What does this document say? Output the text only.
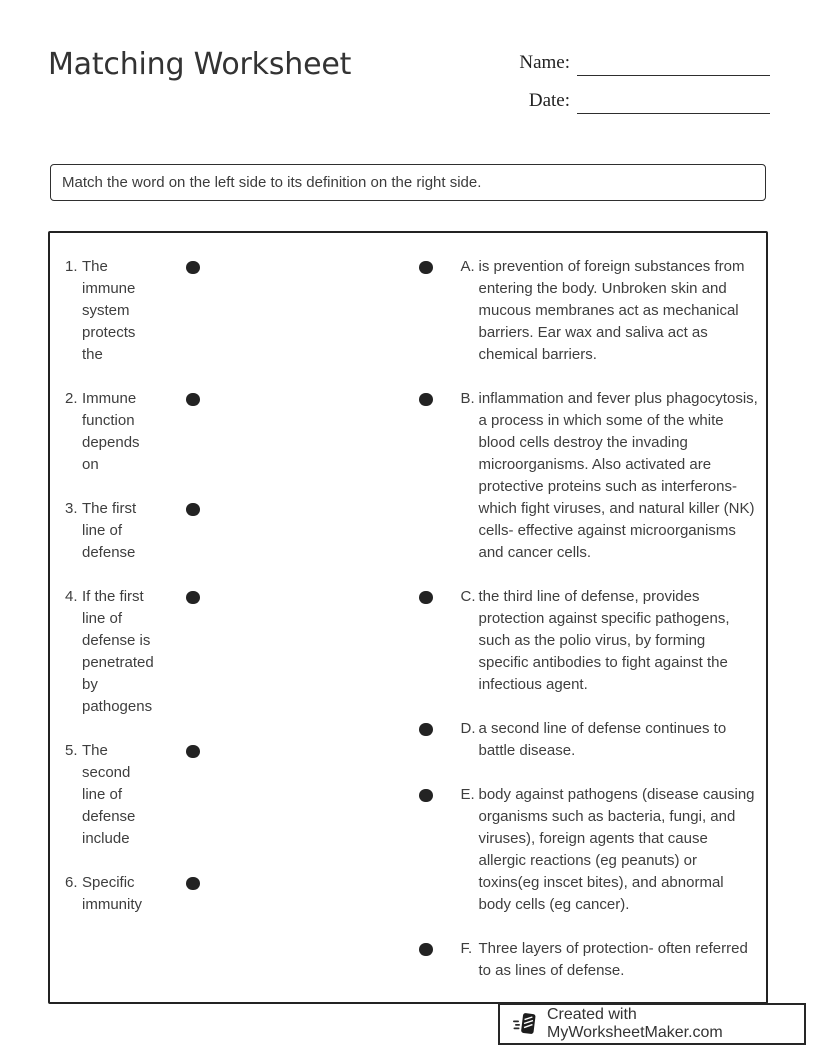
Matching Worksheet	Name:
Date:
Match the word on the left side to its definition on the right side.
1. The immune system protects the
2. Immune function depends on
3. The first line of defense
4. If the first line of defense is penetrated by pathogens
5. The second line of defense include
6. Specific immunity
A. is prevention of foreign substances from entering the body. Unbroken skin and mucous membranes act as mechanical barriers. Ear wax and saliva act as chemical barriers.
B. inflammation and fever plus phagocytosis, a process in which some of the white blood cells destroy the invading microorganisms. Also activated are protective proteins such as interferons- which fight viruses, and natural killer (NK) cells- effective against microorganisms and cancer cells.
C. the third line of defense, provides protection against specific pathogens, such as the polio virus, by forming specific antibodies to fight against the infectious agent.
D. a second line of defense continues to battle disease.
E. body against pathogens (disease causing organisms such as bacteria, fungi, and viruses), foreign agents that cause allergic reactions (eg peanuts) or toxins(eg inscet bites), and abnormal body cells (eg cancer).
F. Three layers of protection- often referred to as lines of defense.
Created with MyWorksheetMaker.com
